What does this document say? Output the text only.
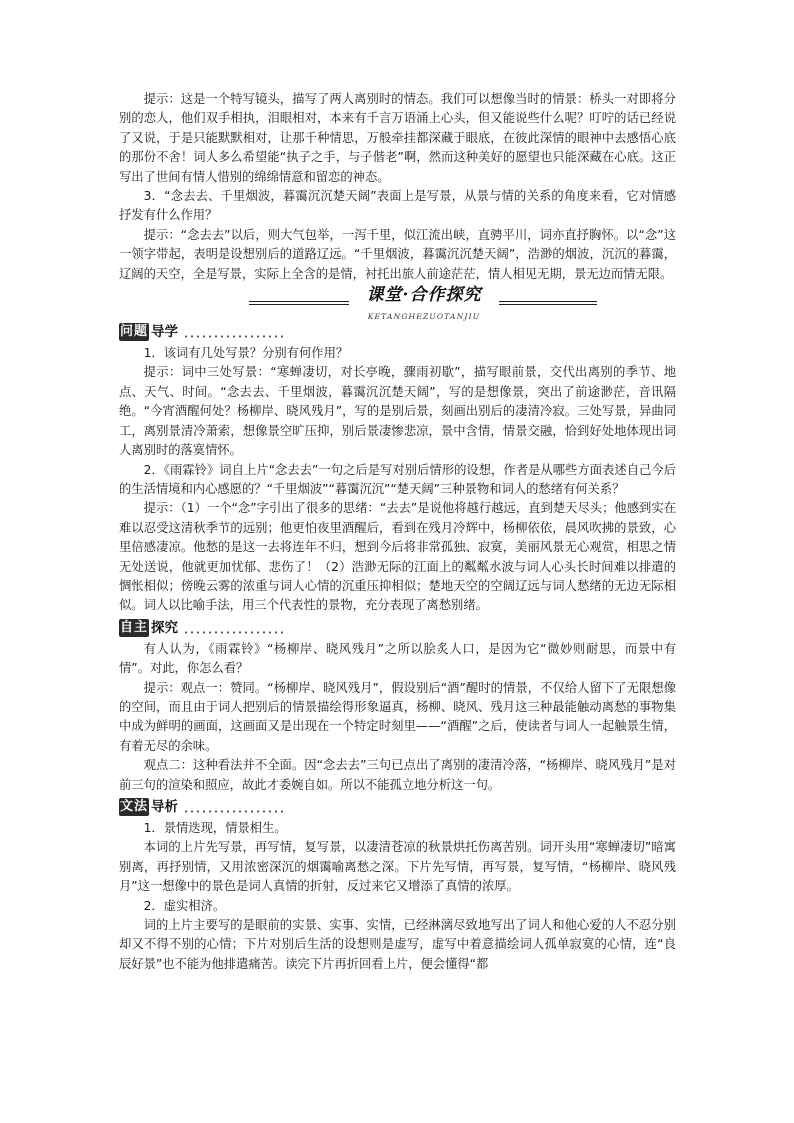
提示：这是一个特写镜头，描写了两人离别时的情态。我们可以想像当时的情景：桥头一对即将分别的恋人，他们双手相执，泪眼相对，本来有千言万语涌上心头，但又能说些什么呢？叮咛的话已经说了又说，于是只能默默相对，让那千种情思，万般牵挂都深藏于眼底，在彼此深情的眼神中去感悟心底的那份不舍！词人多么希望能“执子之手，与子偕老”啊，然而这种美好的愿望也只能深藏在心底。这正写出了世间有情人惜别的绵绵情意和留恋的神态。

3．“念去去、千里烟波，暮霭沉沉楚天阔”表面上是写景，从景与情的关系的角度来看，它对情感抒发有什么作用？

提示：“念去去”以后，则大气包举，一泻千里，似江流出峡，直骋平川，词亦直抒胸怀。以“念”这一领字带起，表明是设想别后的道路辽远。“千里烟波，暮霭沉沉楚天阔”，浩渺的烟波，沉沉的暮霭，辽阔的天空，全是写景，实际上全含的是情，衬托出旅人前途茫茫，情人相见无期，景无边而情无限。

课堂·合作探究
KETANGHEZUOTANJIU
问题 导学

1．该词有几处写景？分别有何作用？

提示：词中三处写景：“寒蝉凄切，对长亭晚，骤雨初歇”，描写眼前景，交代出离别的季节、地点、天气、时间。“念去去、千里烟波，暮霭沉沉楚天阔”，写的是想像景，突出了前途渺茫，音讯隔绝。“今宵酒醒何处？杨柳岸、晓风残月”，写的是别后景，刻画出别后的凄清冷寂。三处写景，异曲同工，离别景清冷萧索，想像景空旷压抑，别后景凄惨悲凉，景中含情，情景交融，恰到好处地体现出词人离别时的落寞情怀。

2．《雨霖铃》词自上片“念去去”一句之后是写对别后情形的设想，作者是从哪些方面表述自己今后的生活情境和内心感愿的？“千里烟波”“暮霭沉沉”“楚天阔”三种景物和词人的愁绪有何关系？

提示：（1）一个“念”字引出了很多的思绪：“去去”是说他将越行越远，直到楚天尽头；他感到实在难以忍受这清秋季节的远别；他更怕夜里酒醒后，看到在残月冷辉中，杨柳依依，晨风吹拂的景致，心里倍感凄凉。他愁的是这一去将连年不归，想到今后将非常孤独、寂寞，美丽风景无心观赏，相思之情无处送说，他就更加忧郁、悲伤了！（2）浩渺无际的江面上的粼粼水波与词人心头长时间难以排遣的惆怅相似；傍晚云雾的浓重与词人心情的沉重压抑相似；楚地天空的空阔辽远与词人愁绪的无边无际相似。词人以比喻手法，用三个代表性的景物，充分表现了离愁别绪。

自主 探究

有人认为，《雨霖铃》“杨柳岸、晓风残月”之所以脍炙人口，是因为它“微妙则耐思，而景中有情”。对此，你怎么看？

提示：观点一：赞同。“杨柳岸、晓风残月”，假设别后“酒”醒时的情景，不仅给人留下了无限想像的空间，而且由于词人把别后的情景描绘得形象逼真，杨柳、晓风、残月这三种最能触动离愁的事物集中成为鲜明的画面，这画面又是出现在一个特定时刻里——“酒醒”之后，使读者与词人一起触景生情，有着无尽的余味。

观点二：这种看法并不全面。因“念去去”三句已点出了离别的凄清冷落，“杨柳岸、晓风残月”是对前三句的渲染和照应，故此才委婉自如。所以不能孤立地分析这一句。

文法 导析

1．景情迭现，情景相生。

本词的上片先写景，再写情，复写景，以凄清苍凉的秋景烘托伤离苦别。词开头用“寒蝉凄切”暗寓别离，再抒别情，又用浓密深沉的烟霭喻离愁之深。下片先写情，再写景，复写情，“杨柳岸、晓风残月”这一想像中的景色是词人真情的折射，反过来它又增添了真情的浓厚。

2．虚实相济。

词的上片主要写的是眼前的实景、实事、实情，已经淋漓尽致地写出了词人和他心爱的人不忍分别却又不得不别的心情；下片对别后生活的设想则是虚写，虚写中着意描绘词人孤单寂寞的心情，连“良辰好景”也不能为他排遣痛苦。读完下片再折回看上片，便会懂得“都
